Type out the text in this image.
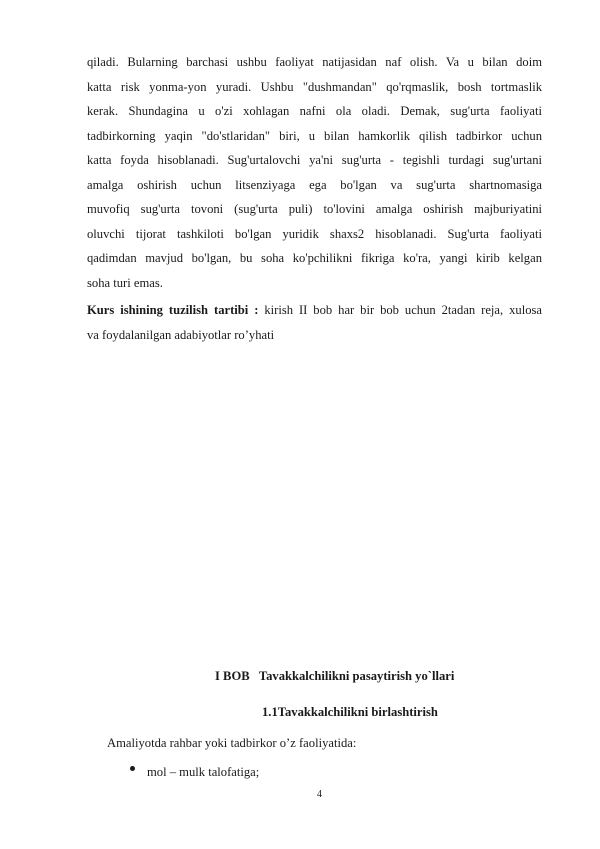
qiladi. Bularning barchasi ushbu faoliyat natijasidan naf olish. Va u bilan doim
katta risk yonma-yon yuradi. Ushbu "dushmandan" qo'rqmaslik, bosh tortmaslik
kerak. Shundagina u o'zi xohlagan nafni ola oladi. Demak, sug'urta faoliyati
tadbirkorning yaqin "do'stlaridan" biri, u bilan hamkorlik qilish tadbirkor uchun
katta foyda hisoblanadi. Sug'urtalovchi ya'ni sug'urta - tegishli turdagi sug'urtani
amalga oshirish uchun litsenziyaga ega bo'lgan va sug'urta shartnomasiga
muvofiq sug'urta tovoni (sug'urta puli) to'lovini amalga oshirish majburiyatini
oluvchi tijorat tashkiloti bo'lgan yuridik shaxs2 hisoblanadi. Sug'urta faoliyati
qadimdan mavjud bo'lgan, bu soha ko'pchilikni fikriga ko'ra, yangi kirib kelgan
soha turi emas.
Kurs ishining tuzilish tartibi : kirish II bob har bir bob uchun 2tadan reja, xulosa
va foydalanilgan adabiyotlar ro’yhati

I BOB   Tavakkalchilikni pasaytirish yo`llari

1.1Tavakkalchilikni birlashtirish

Amaliyotda rahbar yoki tadbirkor o’z faoliyatida:

mol – mulk talofatiga;
4
